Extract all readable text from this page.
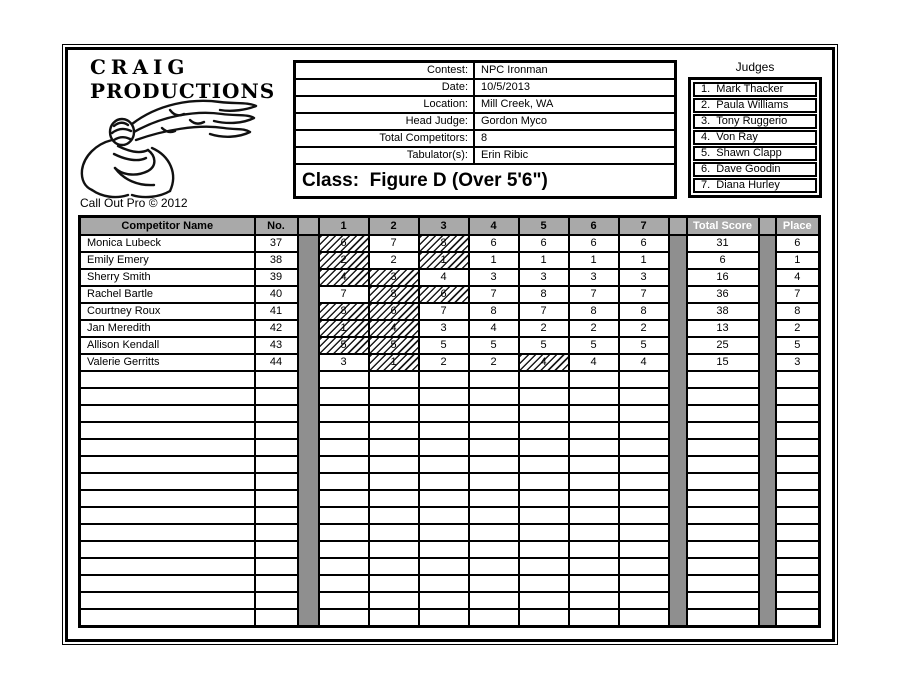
CRAIG
PRODUCTIONS
Call Out Pro © 2012
Contest:	NPC Ironman
Date:	10/5/2013
Location:	Mill Creek, WA
Head Judge:	Gordon Myco
Total Competitors:	8
Tabulator(s):	Erin Ribic
Class:  Figure D (Over 5'6")
Judges
1.  Mark Thacker
2.  Paula Williams
3.  Tony Ruggerio
4.  Von Ray
5.  Shawn Clapp
6.  Dave Goodin
7.  Diana Hurley
Competitor Name	No.		1	2	3	4	5	6	7		Total Score		Place
Monica Lubeck	37		6	7	8	6	6	6	6		31		6
Emily Emery	38		2	2	1	1	1	1	1		6		1
Sherry Smith	39		4	3	4	3	3	3	3		16		4
Rachel Bartle	40		7	8	6	7	8	7	7		36		7
Courtney Roux	41		8	6	7	8	7	8	8		38		8
Jan Meredith	42		1	4	3	4	2	2	2		13		2
Allison Kendall	43		5	5	5	5	5	5	5		25		5
Valerie Gerritts	44		3	1	2	2	4	4	4		15		3
